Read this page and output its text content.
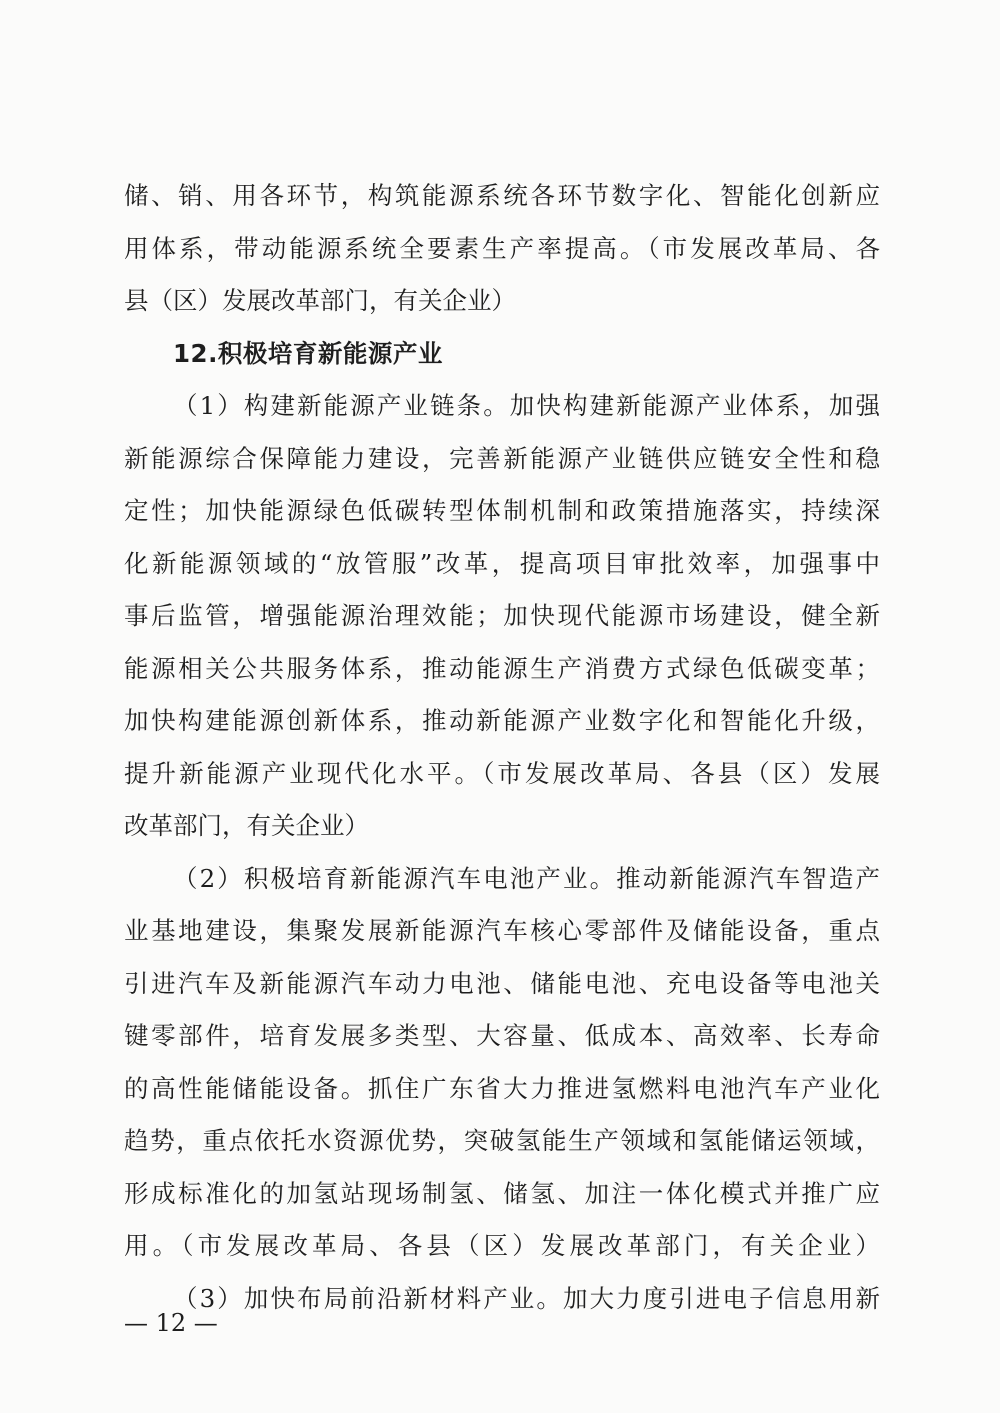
储、销、用各环节，构筑能源系统各环节数字化、智能化创新应
用体系，带动能源系统全要素生产率提高。（市发展改革局、各
县（区）发展改革部门，有关企业）
12.积极培育新能源产业
（1）构建新能源产业链条。加快构建新能源产业体系，加强
新能源综合保障能力建设，完善新能源产业链供应链安全性和稳
定性；加快能源绿色低碳转型体制机制和政策措施落实，持续深
化新能源领域的“放管服”改革，提高项目审批效率，加强事中
事后监管，增强能源治理效能；加快现代能源市场建设，健全新
能源相关公共服务体系，推动能源生产消费方式绿色低碳变革；
加快构建能源创新体系，推动新能源产业数字化和智能化升级，
提升新能源产业现代化水平。（市发展改革局、各县（区）发展
改革部门，有关企业）
（2）积极培育新能源汽车电池产业。推动新能源汽车智造产
业基地建设，集聚发展新能源汽车核心零部件及储能设备，重点
引进汽车及新能源汽车动力电池、储能电池、充电设备等电池关
键零部件，培育发展多类型、大容量、低成本、高效率、长寿命
的高性能储能设备。抓住广东省大力推进氢燃料电池汽车产业化
趋势，重点依托水资源优势，突破氢能生产领域和氢能储运领域，
形成标准化的加氢站现场制氢、储氢、加注一体化模式并推广应
用。（市发展改革局、各县（区）发展改革部门，有关企业）
（3）加快布局前沿新材料产业。加大力度引进电子信息用新
— 12 —
